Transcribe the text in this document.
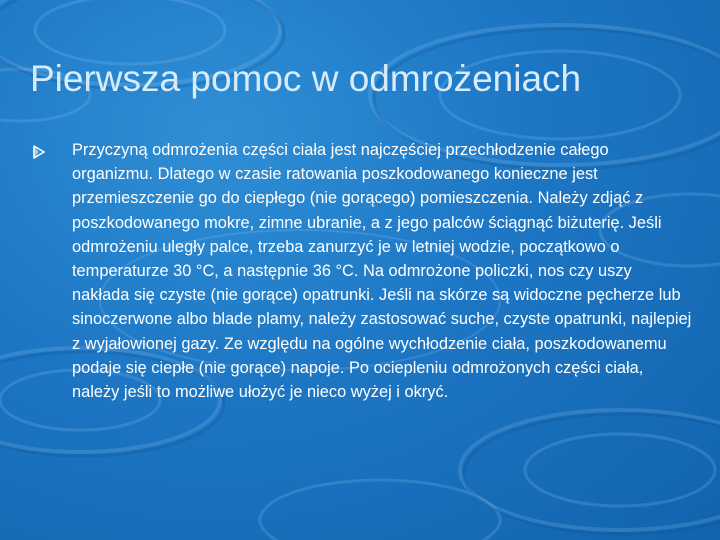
Pierwsza pomoc w odmrożeniach
Przyczyną odmrożenia części ciała jest najczęściej przechłodzenie całego organizmu. Dlatego w czasie ratowania poszkodowanego konieczne jest przemieszczenie go do ciepłego (nie gorącego) pomieszczenia. Należy zdjąć z poszkodowanego mokre, zimne ubranie, a z jego palców ściągnąć biżuterię. Jeśli odmrożeniu uległy palce, trzeba zanurzyć je w letniej wodzie, początkowo o temperaturze 30 °C, a następnie 36 °C. Na odmrożone policzki, nos czy uszy nakłada się czyste (nie gorące) opatrunki. Jeśli na skórze są widoczne pęcherze lub sinoczerwone albo blade plamy, należy zastosować suche, czyste opatrunki, najlepiej z wyjałowionej gazy. Ze względu na ogólne wychłodzenie ciała, poszkodowanemu podaje się ciepłe (nie gorące) napoje. Po ociepleniu odmrożonych części ciała, należy jeśli to możliwe ułożyć je nieco wyżej i okryć.
